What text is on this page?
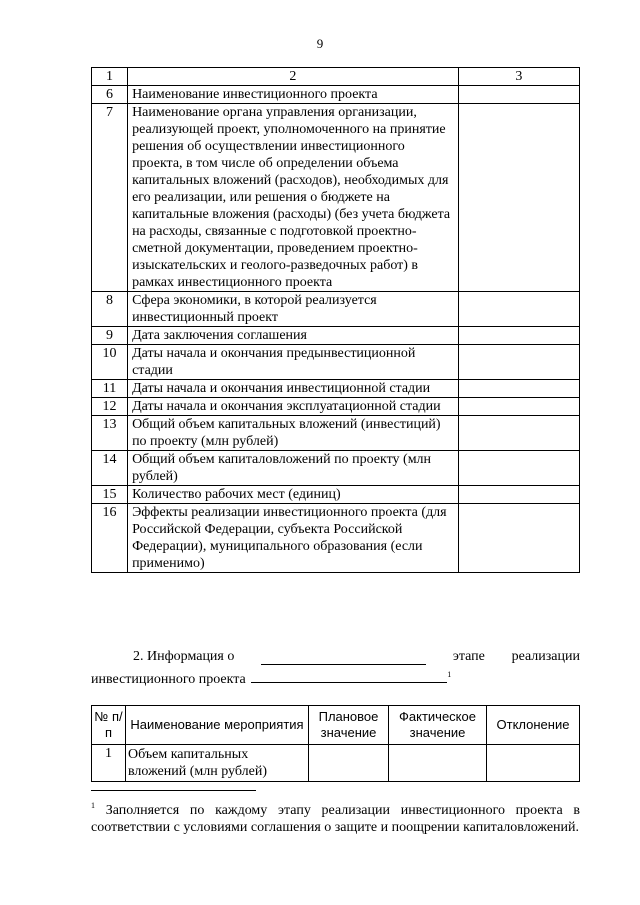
9
1	2	3
6	Наименование инвестиционного проекта	
7	Наименование органа управления организации, реализующей проект, уполномоченного на принятие решения об осуществлении инвестиционного проекта, в том числе об определении объема капитальных вложений (расходов), необходимых для его реализации, или решения о бюджете на капитальные вложения (расходы) (без учета бюджета на расходы, связанные с подготовкой проектно-сметной документации, проведением проектно-изыскательских и геолого-разведочных работ) в рамках инвестиционного проекта	
8	Сфера экономики, в которой реализуется инвестиционный проект	
9	Дата заключения соглашения	
10	Даты начала и окончания предынвестиционной стадии	
11	Даты начала и окончания инвестиционной стадии	
12	Даты начала и окончания эксплуатационной стадии	
13	Общий объем капитальных вложений (инвестиций) по проекту (млн рублей)	
14	Общий объем капиталовложений по проекту (млн рублей)	
15	Количество рабочих мест (единиц)	
16	Эффекты реализации инвестиционного проекта (для Российской Федерации, субъекта Российской Федерации), муниципального образования (если применимо)	
2. Информация о	этапе реализации
инвестиционного проекта	$^1$
№ п/п	Наименование мероприятия	Плановое значение	Фактическое значение	Отклонение
1	Объем капитальных вложений (млн рублей)			
$^1$ Заполняется по каждому этапу реализации инвестиционного проекта в соответствии с условиями соглашения о защите и поощрении капиталовложений.
